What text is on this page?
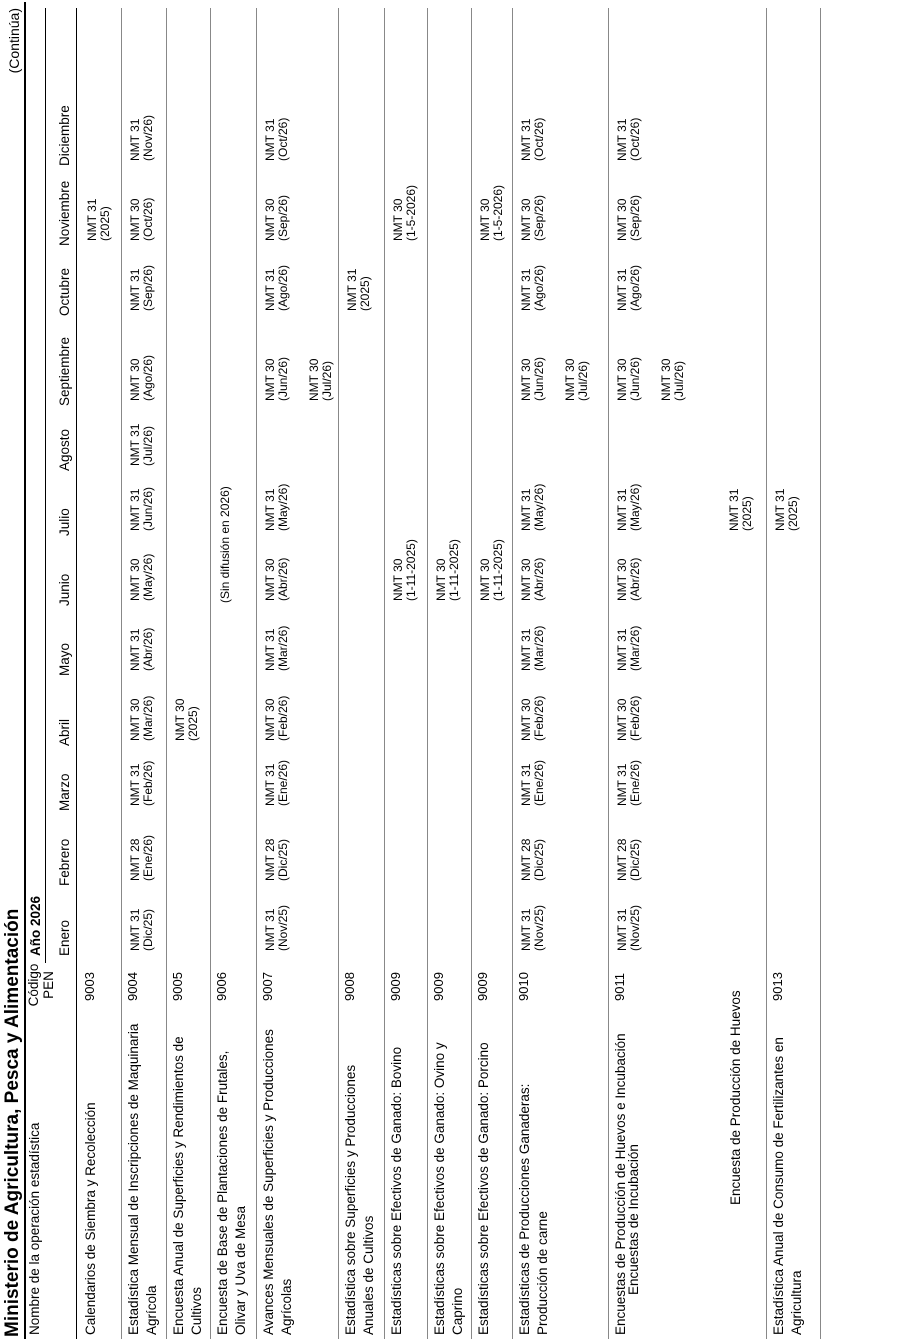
Ministerio de Agricultura, Pesca y Alimentación
(Continúa)
Nombre de la operación estadística
Código PEN
Año 2026 Enero
Febrero
Marzo
Abril
Mayo
Junio
Julio
Agosto
Septiembre
Octubre
Noviembre
Diciembre
Calendarios de Siembra y Recolección
9003
NMT 31
(2025)
Estadística Mensual de Inscripciones de Maquinaria Agrícola
9004
NMT 31
(Dic/25)
NMT 28
(Ene/26)
NMT 31
(Feb/26)
NMT 30
(Mar/26)
NMT 31
(Abr/26)
NMT 30
(May/26)
NMT 31
(Jun/26)
NMT 31
(Jul/26)
NMT 30
(Ago/26)
NMT 31
(Sep/26)
NMT 30
(Oct/26)
NMT 31
(Nov/26)
Encuesta Anual de Superficies y Rendimientos de Cultivos
9005
NMT 30
(2025)
Encuesta de Base de Plantaciones de Frutales, Olivar y Uva de Mesa
9006
(Sin difusión en 2026)
Avances Mensuales de Superficies y Producciones Agrícolas
9007
NMT 31
(Nov/25)
NMT 28
(Dic/25)
NMT 31
(Ene/26)
NMT 30
(Feb/26)
NMT 31
(Mar/26)
NMT 30
(Abr/26)
NMT 31
(May/26)
NMT 30
(Jun/26) NMT 30
(Jul/26)
NMT 31
(Ago/26)
NMT 30
(Sep/26)
NMT 31
(Oct/26)
Estadística sobre Superficies y Producciones Anuales de Cultivos
9008
NMT 31
(2025)
Estadísticas sobre Efectivos de Ganado: Bovino
9009
NMT 30
(1-11-2025)
NMT 30
(1-5-2026)
Estadísticas sobre Efectivos de Ganado: Ovino y Caprino
9009
NMT 30
(1-11-2025)
Estadísticas sobre Efectivos de Ganado: Porcino
9009
NMT 30
(1-11-2025)
NMT 30
(1-5-2026)
Estadísticas de Producciones Ganaderas: Producción de carne
9010
NMT 31
(Nov/25)
NMT 28
(Dic/25)
NMT 31
(Ene/26)
NMT 30
(Feb/26)
NMT 31
(Mar/26)
NMT 30
(Abr/26)
NMT 31
(May/26)
NMT 30
(Jun/26) NMT 30
(Jul/26)
NMT 31
(Ago/26)
NMT 30
(Sep/26)
NMT 31
(Oct/26)
Encuestas de Producción de Huevos e Incubación
Encuestas de Incubación
Encuesta de Producción de Huevos
9011
NMT 31
(Nov/25)
NMT 28
(Dic/25)
NMT 31
(Ene/26)
NMT 30
(Feb/26)
NMT 31
(Mar/26)
NMT 30
(Abr/26)
NMT 31
(May/26)	NMT 31
(2025)
NMT 30
(Jun/26) NMT 30
(Jul/26)
NMT 31
(Ago/26)
NMT 30
(Sep/26)
NMT 31
(Oct/26)
Estadística Anual de Consumo de Fertilizantes en Agricultura
9013
NMT 31
(2025)
